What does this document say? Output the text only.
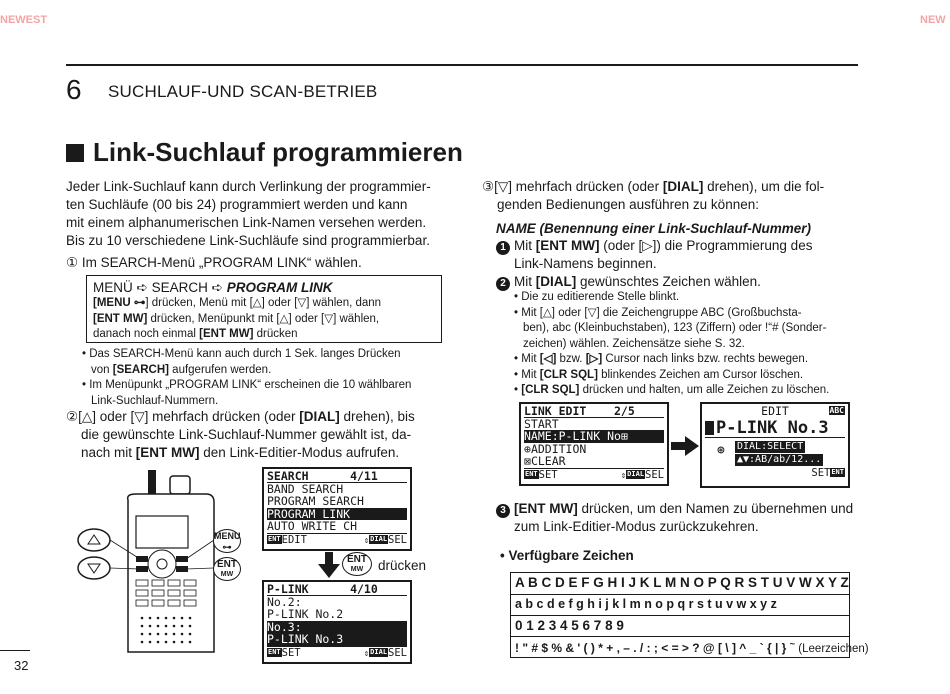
NEWEST	NEW
6 SUCHLAUF-UND SCAN-BETRIEB
Link-Suchlauf programmieren
Jeder Link-Suchlauf kann durch Verlinkung der programmier-
ten Suchläufe (00 bis 24) programmiert werden und kann
mit einem alphanumerischen Link-Namen versehen werden.
Bis zu 10 verschiedene Link-Suchläufe sind programmierbar.
① Im SEARCH-Menü „PROGRAM LINK“ wählen.
MENÜ ➪ SEARCH ➪ PROGRAM LINK
[MENU ⊶] drücken, Menü mit [△] oder [▽] wählen, dann
[ENT MW] drücken, Menüpunkt mit [△] oder [▽] wählen,
danach noch einmal [ENT MW] drücken
• Das SEARCH-Menü kann auch durch 1 Sek. langes Drücken
von [SEARCH] aufgerufen werden.
• Im Menüpunkt „PROGRAM LINK“ erscheinen die 10 wählbaren
Link-Suchlauf-Nummern.
②[△] oder [▽] mehrfach drücken (oder [DIAL] drehen), bis
die gewünschte Link-Suchlauf-Nummer gewählt ist, da-
nach mit [ENT MW] den Link-Editier-Modus aufrufen.
MENU
⊶
ENT
MW
SEARCH      4/11
BAND SEARCH
PROGRAM SEARCH
PROGRAM LINK
AUTO WRITE CH
ENTEDIT	⇕DIALSEL
ENT
MW	drücken
P-LINK      4/10
No.2:
P-LINK No.2
No.3:
P-LINK No.3
ENTSET	⇕DIALSEL
③[▽] mehrfach drücken (oder [DIAL] drehen), um die fol-
genden Bedienungen ausführen zu können:
NAME (Benennung einer Link-Suchlauf-Nummer)
1 Mit [ENT MW] (oder [▷]) die Programmierung des
Link-Namens beginnen.
2 Mit [DIAL] gewünschtes Zeichen wählen.
• Die zu editierende Stelle blinkt.
• Mit [△] oder [▽] die Zeichengruppe ABC (Großbuchsta-
ben), abc (Kleinbuchstaben), 123 (Ziffern) oder !“# (Sonder-
zeichen) wählen. Zeichensätze siehe S. 32.
• Mit [◁] bzw. [▷] Cursor nach links bzw. rechts bewegen.
• Mit [CLR SQL] blinkendes Zeichen am Cursor löschen.
• [CLR SQL] drücken und halten, um alle Zeichen zu löschen.
LINK EDIT    2/5
START
NAME:P-LINK No⊞
⊕ADDITION
⊠CLEAR
ENTSET	⇕DIALSEL
EDIT	ABC
P-LINK No.3

⊛

DIAL:SELECT

▲▼:AB/ab/12...

SETENT
3 [ENT MW] drücken, um den Namen zu übernehmen und
zum Link-Editier-Modus zurückzukehren.
• Verfügbare Zeichen
A B C D E F G H I J K L M N O P Q R S T U V W X Y Z
a b c d e f g h i j k l m n o p q r s t u v w x y z
0 1 2 3 4 5 6 7 8 9
! " # $ % & ' ( ) * + , – . / : ; < = > ? @ [ \ ] ^ _ ` { | } ~ (Leerzeichen)
32
